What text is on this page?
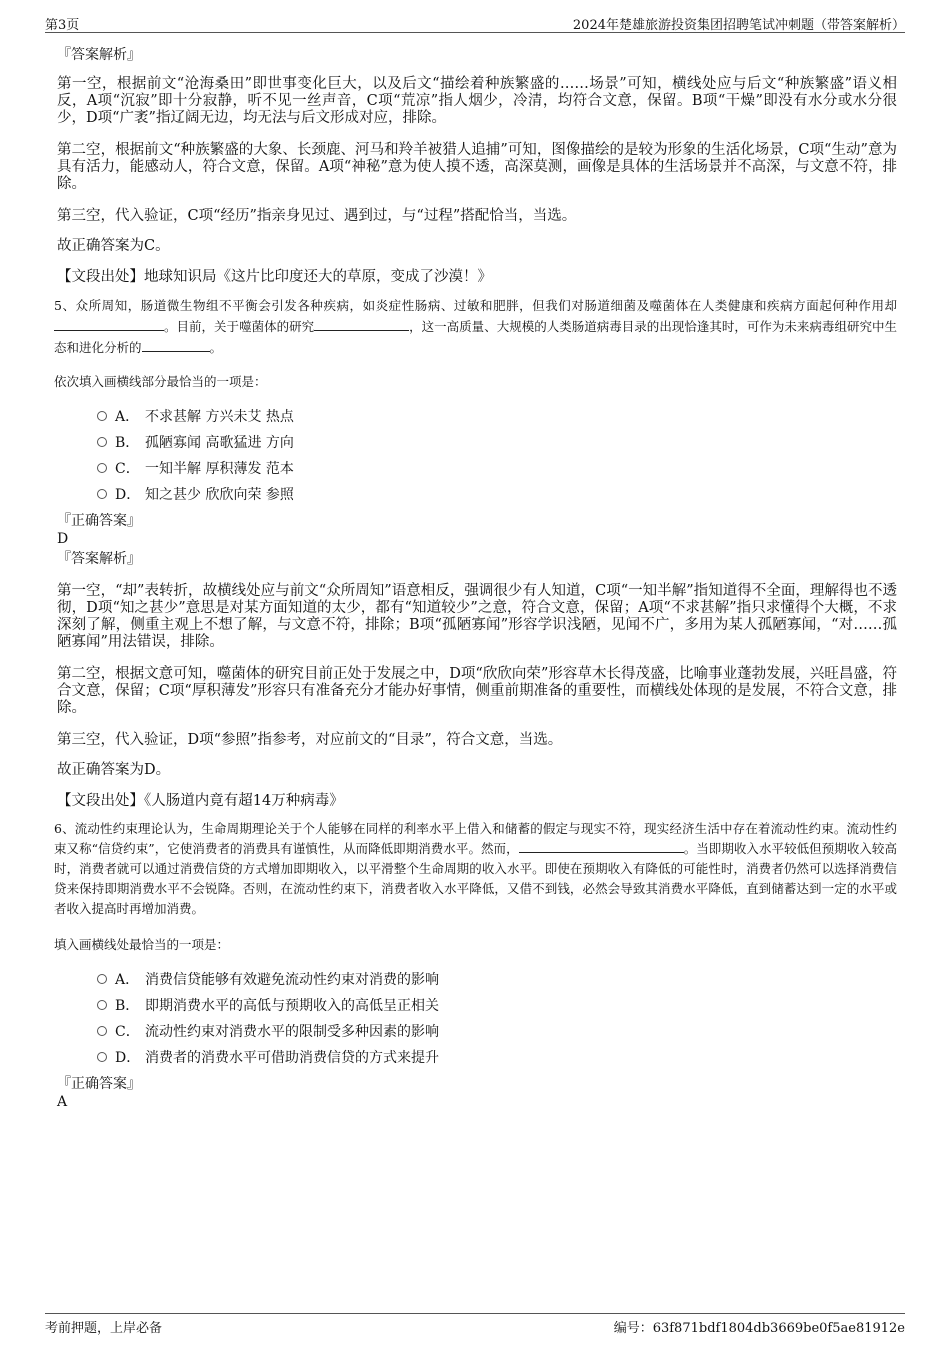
第3页	2024年楚雄旅游投资集团招聘笔试冲刺题（带答案解析）

『答案解析』

第一空，根据前文“沧海桑田”即世事变化巨大，以及后文“描绘着种族繁盛的……场景”可知，横线处应与后文“种族繁盛”语义相反，A项“沉寂”即十分寂静，听不见一丝声音，C项“荒凉”指人烟少，冷清，均符合文意，保留。B项“干燥”即没有水分或水分很少，D项“广袤”指辽阔无边，均无法与后文形成对应，排除。

第二空，根据前文“种族繁盛的大象、长颈鹿、河马和羚羊被猎人追捕”可知，图像描绘的是较为形象的生活化场景，C项“生动”意为具有活力，能感动人，符合文意，保留。A项“神秘”意为使人摸不透，高深莫测，画像是具体的生活场景并不高深，与文意不符，排除。

第三空，代入验证，C项“经历”指亲身见过、遇到过，与“过程”搭配恰当，当选。

故正确答案为C。

【文段出处】地球知识局《这片比印度还大的草原，变成了沙漠！》

5、众所周知，肠道微生物组不平衡会引发各种疾病，如炎症性肠病、过敏和肥胖，但我们对肠道细菌及噬菌体在人类健康和疾病方面起何种作用却。目前，关于噬菌体的研究	，这一高质量、大规模的人类肠道病毒目录的出现恰逢其时，可作为未来病毒组研究中生态和进化分析的	。

依次填入画横线部分最恰当的一项是：

A． 不求甚解 方兴未艾 热点
B． 孤陋寡闻 高歌猛进 方向
C． 一知半解 厚积薄发 范本
D． 知之甚少 欣欣向荣 参照

『正确答案』

D

『答案解析』

第一空，“却”表转折，故横线处应与前文“众所周知”语意相反，强调很少有人知道，C项“一知半解”指知道得不全面，理解得也不透彻，D项“知之甚少”意思是对某方面知道的太少，都有“知道较少”之意，符合文意，保留；A项“不求甚解”指只求懂得个大概，不求深刻了解，侧重主观上不想了解，与文意不符，排除；B项“孤陋寡闻”形容学识浅陋，见闻不广，多用为某人孤陋寡闻，“对……孤陋寡闻”用法错误，排除。

第二空，根据文意可知，噬菌体的研究目前正处于发展之中，D项“欣欣向荣”形容草木长得茂盛，比喻事业蓬勃发展，兴旺昌盛，符合文意，保留；C项“厚积薄发”形容只有准备充分才能办好事情，侧重前期准备的重要性，而横线处体现的是发展，不符合文意，排除。

第三空，代入验证，D项“参照”指参考，对应前文的“目录”，符合文意，当选。

故正确答案为D。

【文段出处】《人肠道内竟有超14万种病毒》

6、流动性约束理论认为，生命周期理论关于个人能够在同样的利率水平上借入和储蓄的假定与现实不符，现实经济生活中存在着流动性约束。流动性约束又称“信贷约束”，它使消费者的消费具有谨慎性，从而降低即期消费水平。然而，	。当即期收入水平较低但预期收入较高时，消费者就可以通过消费信贷的方式增加即期收入，以平滑整个生命周期的收入水平。即使在预期收入有降低的可能性时，消费者仍然可以选择消费信贷来保持即期消费水平不会锐降。否则，在流动性约束下，消费者收入水平降低，又借不到钱，必然会导致其消费水平降低，直到储蓄达到一定的水平或者收入提高时再增加消费。

填入画横线处最恰当的一项是：

A． 消费信贷能够有效避免流动性约束对消费的影响
B． 即期消费水平的高低与预期收入的高低呈正相关
C． 流动性约束对消费水平的限制受多种因素的影响
D． 消费者的消费水平可借助消费信贷的方式来提升

『正确答案』

A

考前押题，上岸必备	编号：63f871bdf1804db3669be0f5ae81912e
